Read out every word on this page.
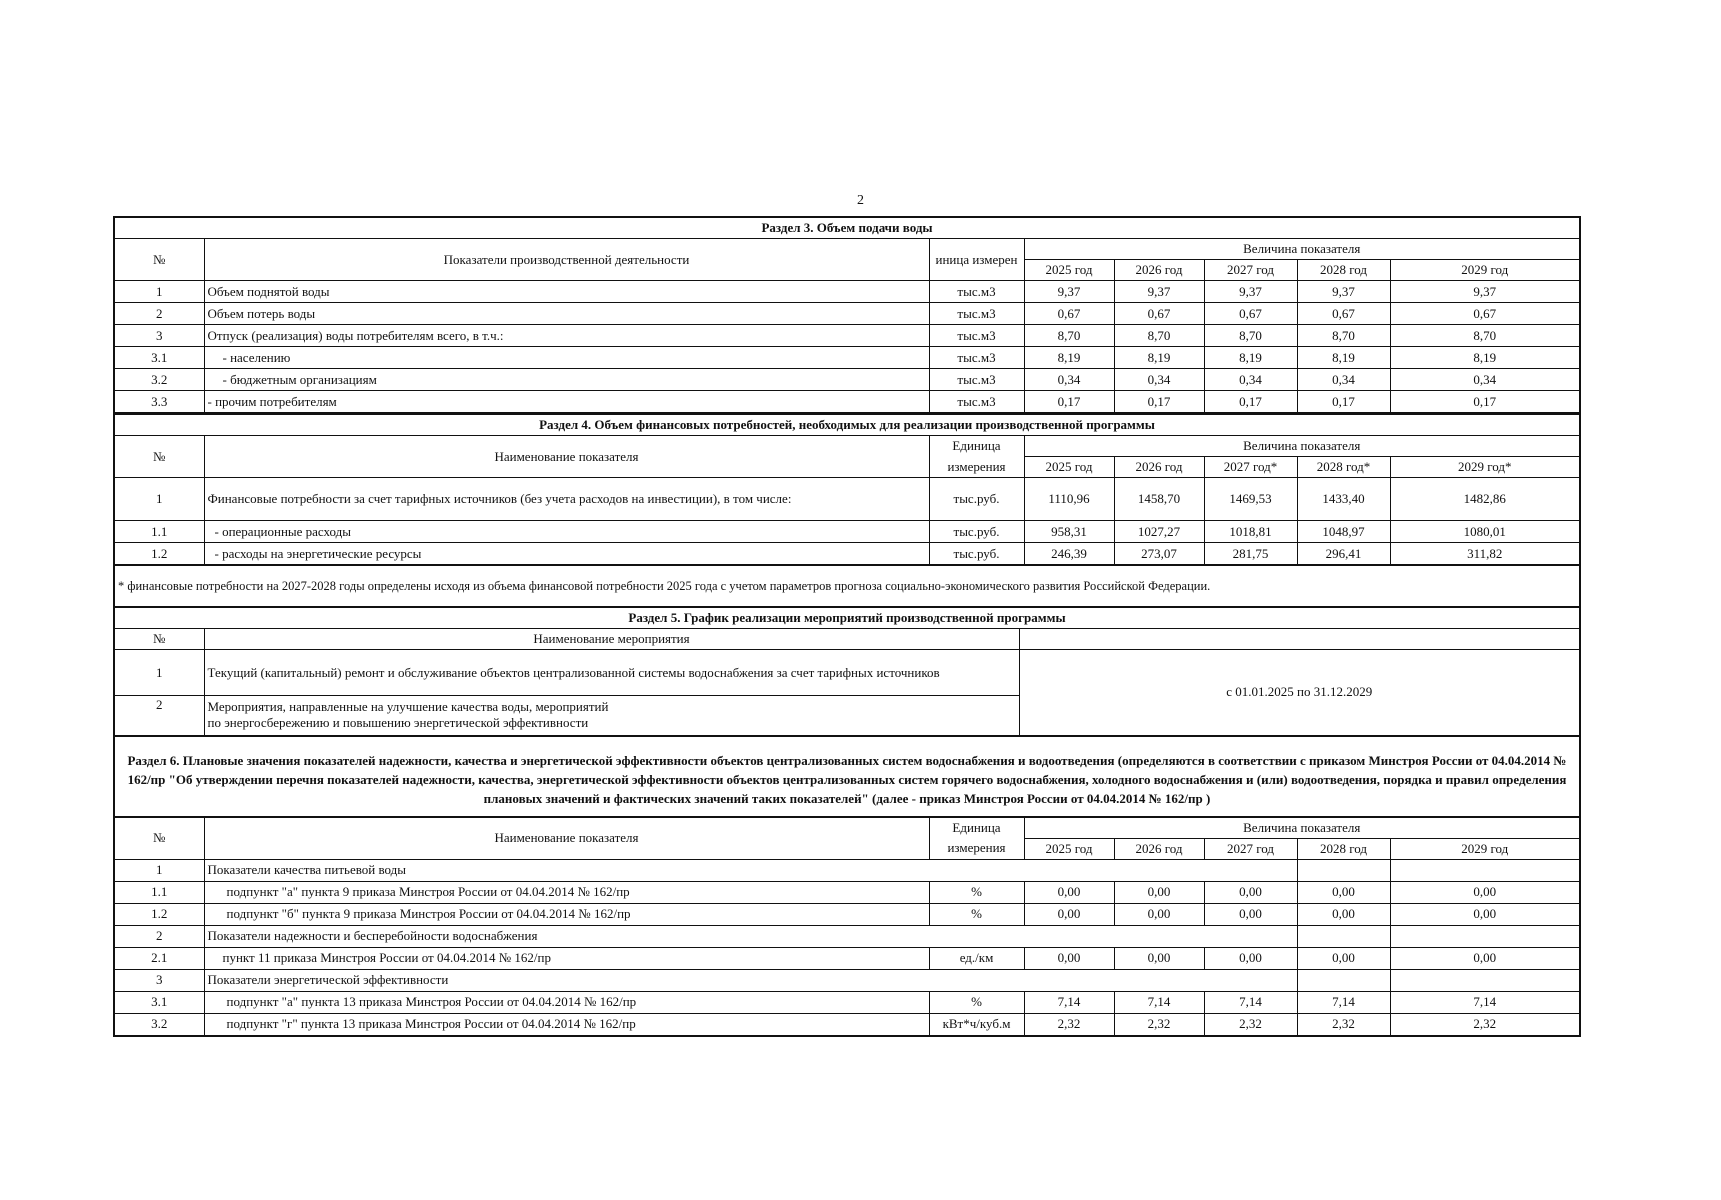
2
Раздел 3. Объем подачи воды							
№	Показатели производственной деятельности	иница измерен	Величина показателя				
			2025 год	2026 год	2027 год	2028 год	2029 год
1	Объем поднятой воды	тыс.м3	9,37	9,37	9,37	9,37	9,37
2	Объем потерь воды	тыс.м3	0,67	0,67	0,67	0,67	0,67
3	Отпуск (реализация) воды потребителям всего, в т.ч.:	тыс.м3	8,70	8,70	8,70	8,70	8,70
3.1	- населению	тыс.м3	8,19	8,19	8,19	8,19	8,19
3.2	- бюджетным организациям	тыс.м3	0,34	0,34	0,34	0,34	0,34
3.3	- прочим потребителям	тыс.м3	0,17	0,17	0,17	0,17	0,17
Раздел 4. Объем финансовых потребностей, необходимых для реализации производственной программы							
№	Наименование показателя	Единица	Величина показателя				
		измерения	2025 год	2026 год	2027 год*	2028 год*	2029 год*
1	Финансовые потребности за счет тарифных источников (без учета расходов на инвестиции), в том числе:	тыс.руб.	1110,96	1458,70	1469,53	1433,40	1482,86
1.1	- операционные расходы	тыс.руб.	958,31	1027,27	1018,81	1048,97	1080,01
1.2	- расходы на энергетические ресурсы	тыс.руб.	246,39	273,07	281,75	296,41	311,82
* финансовые потребности на 2027-2028 годы определены исходя из объема финансовой потребности 2025 года с учетом параметров прогноза социально-экономического развития Российской Федерации.
Раздел 5. График реализации мероприятий производственной программы		
№	Наименование мероприятия	
1	Текущий (капитальный) ремонт и обслуживание объектов централизованной системы водоснабжения за счет тарифных источников	с 01.01.2025 по 31.12.2029
2	Мероприятия, направленные на улучшение качества воды, мероприятий
по энергосбережению и повышению энергетической эффективности	
Раздел 6. Плановые значения показателей надежности, качества и энергетической эффективности объектов централизованных систем водоснабжения и водоотведения (определяются в соответствии с приказом Минстроя России от 04.04.2014 № 162/пр "Об утверждении перечня показателей надежности, качества, энергетической эффективности объектов централизованных систем горячего водоснабжения, холодного водоснабжения и (или) водоотведения, порядка и правил определения плановых значений и фактических значений таких показателей" (далее - приказ Минстроя России от 04.04.2014 № 162/пр )
№	Наименование показателя	Единица	Величина показателя				
		измерения	2025 год	2026 год	2027 год	2028 год	2029 год
1	Показатели качества питьевой воды						
1.1	подпункт "а" пункта 9 приказа Минстроя России от 04.04.2014 № 162/пр	%	0,00	0,00	0,00	0,00	0,00
1.2	подпункт "б" пункта 9 приказа Минстроя России от 04.04.2014 № 162/пр	%	0,00	0,00	0,00	0,00	0,00
2	Показатели надежности и бесперебойности водоснабжения						
2.1	пункт 11 приказа Минстроя России от 04.04.2014 № 162/пр	ед./км	0,00	0,00	0,00	0,00	0,00
3	Показатели энергетической эффективности						
3.1	подпункт "а" пункта 13 приказа Минстроя России от 04.04.2014 № 162/пр	%	7,14	7,14	7,14	7,14	7,14
3.2	подпункт "г" пункта 13 приказа Минстроя России от 04.04.2014 № 162/пр	кВт*ч/куб.м	2,32	2,32	2,32	2,32	2,32
